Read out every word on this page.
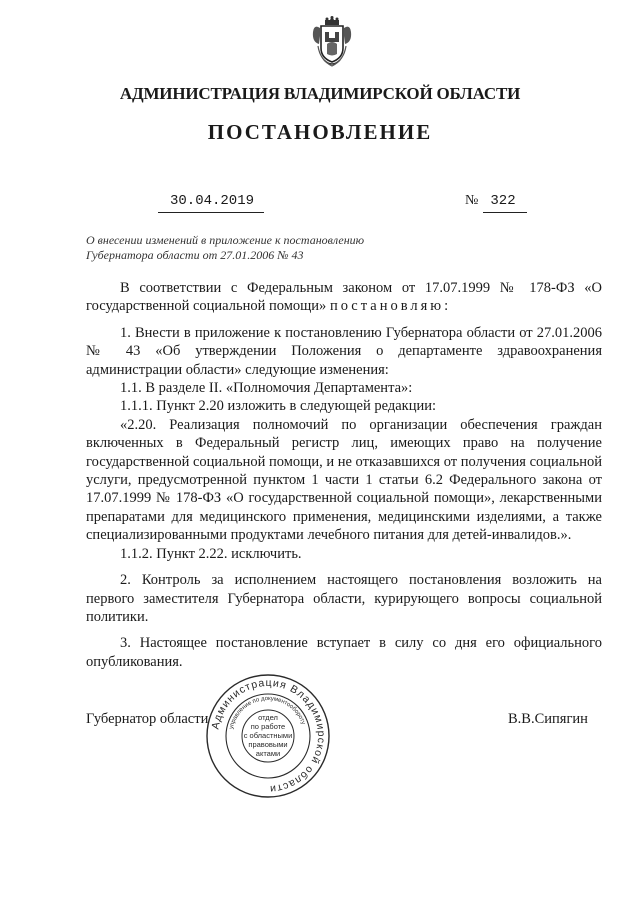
АДМИНИСТРАЦИЯ ВЛАДИМИРСКОЙ ОБЛАСТИ
ПОСТАНОВЛЕНИЕ
30.04.2019	№ 322
О внесении изменений в приложение к постановлению
Губернатора области от 27.01.2006 № 43

В соответствии с Федеральным законом от 17.07.1999 № 178-ФЗ «О государственной социальной помощи» постановляю:

1. Внести в приложение к постановлению Губернатора области от 27.01.2006 № 43 «Об утверждении Положения о департаменте здравоохранения администрации области» следующие изменения:

1.1. В разделе II. «Полномочия Департамента»:

1.1.1. Пункт 2.20 изложить в следующей редакции:

«2.20. Реализация полномочий по организации обеспечения граждан включенных в Федеральный регистр лиц, имеющих право на получение государственной социальной помощи, и не отказавшихся от получения социальной услуги, предусмотренной пунктом 1 части 1 статьи 6.2 Федерального закона от 17.07.1999 № 178-ФЗ «О государственной социальной помощи», лекарственными препаратами для медицинского применения, медицинскими изделиями, а также специализированными продуктами лечебного питания для детей-инвалидов.».

1.1.2. Пункт 2.22. исключить.

2. Контроль за исполнением настоящего постановления возложить на первого заместителя Губернатора области, курирующего вопросы социальной политики.

3. Настоящее постановление вступает в силу со дня его официального опубликования.

Губернатор области	В.В.Сипягин
Администрация Владимирской области
управление по документообороту
отдел
по работе
с областными
правовыми
актами
